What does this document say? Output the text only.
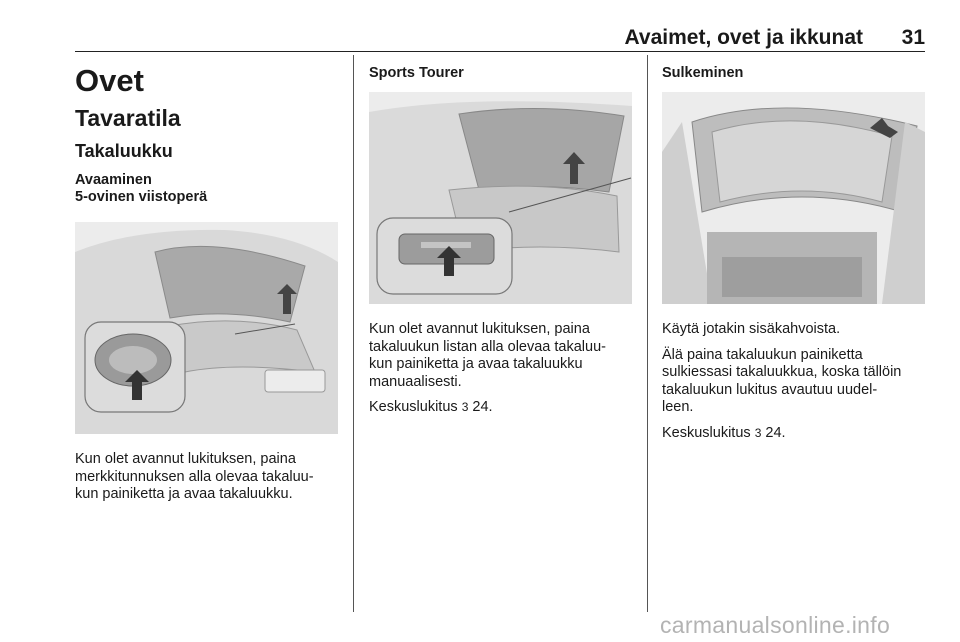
Avaimet, ovet ja ikkunat 31

Ovet

Tavaratila

Takaluukku

Avaaminen

5-ovinen viistoperä

Kun olet avannut lukituksen, paina

merkkitunnuksen alla olevaa takaluu-

kun painiketta ja avaa takaluukku.

Sports Tourer

Kun olet avannut lukituksen, paina

takaluukun listan alla olevaa takaluu-

kun painiketta ja avaa takaluukku

manuaalisesti.

Keskuslukitus 3 24.

Sulkeminen

Käytä jotakin sisäkahvoista.

Älä paina takaluukun painiketta

sulkiessasi takaluukkua, koska tällöin

takaluukun lukitus avautuu uudel-

leen.

Keskuslukitus 3 24.

carmanualsonline.info
